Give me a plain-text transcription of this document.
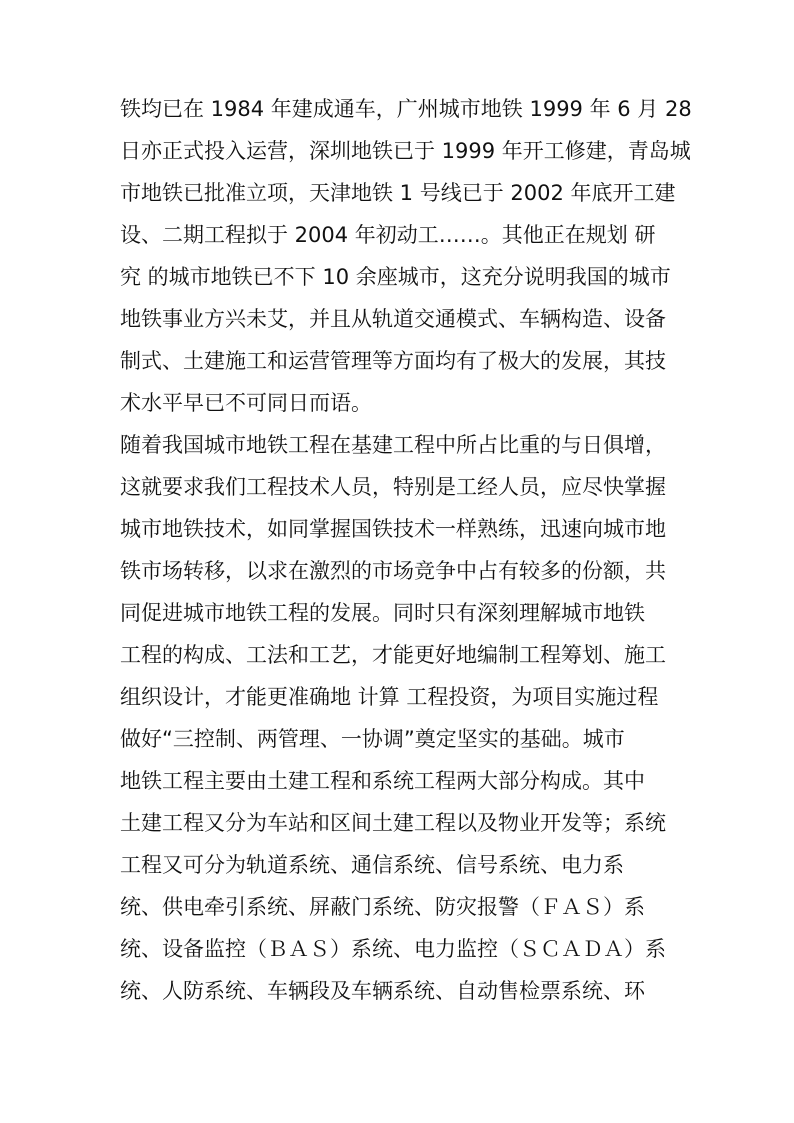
铁均已在 1984 年建成通车，广州城市地铁 1999 年 6 月 28
日亦正式投入运营，深圳地铁已于 1999 年开工修建，青岛城
市地铁已批准立项，天津地铁 1 号线已于 2002 年底开工建
设、二期工程拟于 2004 年初动工……。其他正在规划 研
究 的城市地铁已不下 10 余座城市，这充分说明我国的城市
地铁事业方兴未艾，并且从轨道交通模式、车辆构造、设备
制式、土建施工和运营管理等方面均有了极大的发展，其技
术水平早已不可同日而语。
随着我国城市地铁工程在基建工程中所占比重的与日俱增，
这就要求我们工程技术人员，特别是工经人员，应尽快掌握
城市地铁技术，如同掌握国铁技术一样熟练，迅速向城市地
铁市场转移，以求在激烈的市场竞争中占有较多的份额，共
同促进城市地铁工程的发展。同时只有深刻理解城市地铁
工程的构成、工法和工艺，才能更好地编制工程筹划、施工
组织设计，才能更准确地 计算 工程投资，为项目实施过程
做好“三控制、两管理、一协调”奠定坚实的基础。城市
地铁工程主要由土建工程和系统工程两大部分构成。其中
土建工程又分为车站和区间土建工程以及物业开发等；系统
工程又可分为轨道系统、通信系统、信号系统、电力系
统、供电牵引系统、屏蔽门系统、防灾报警（ＦＡＳ）系
统、设备监控（ＢＡＳ）系统、电力监控（ＳＣＡＤＡ）系
统、人防系统、车辆段及车辆系统、自动售检票系统、环
